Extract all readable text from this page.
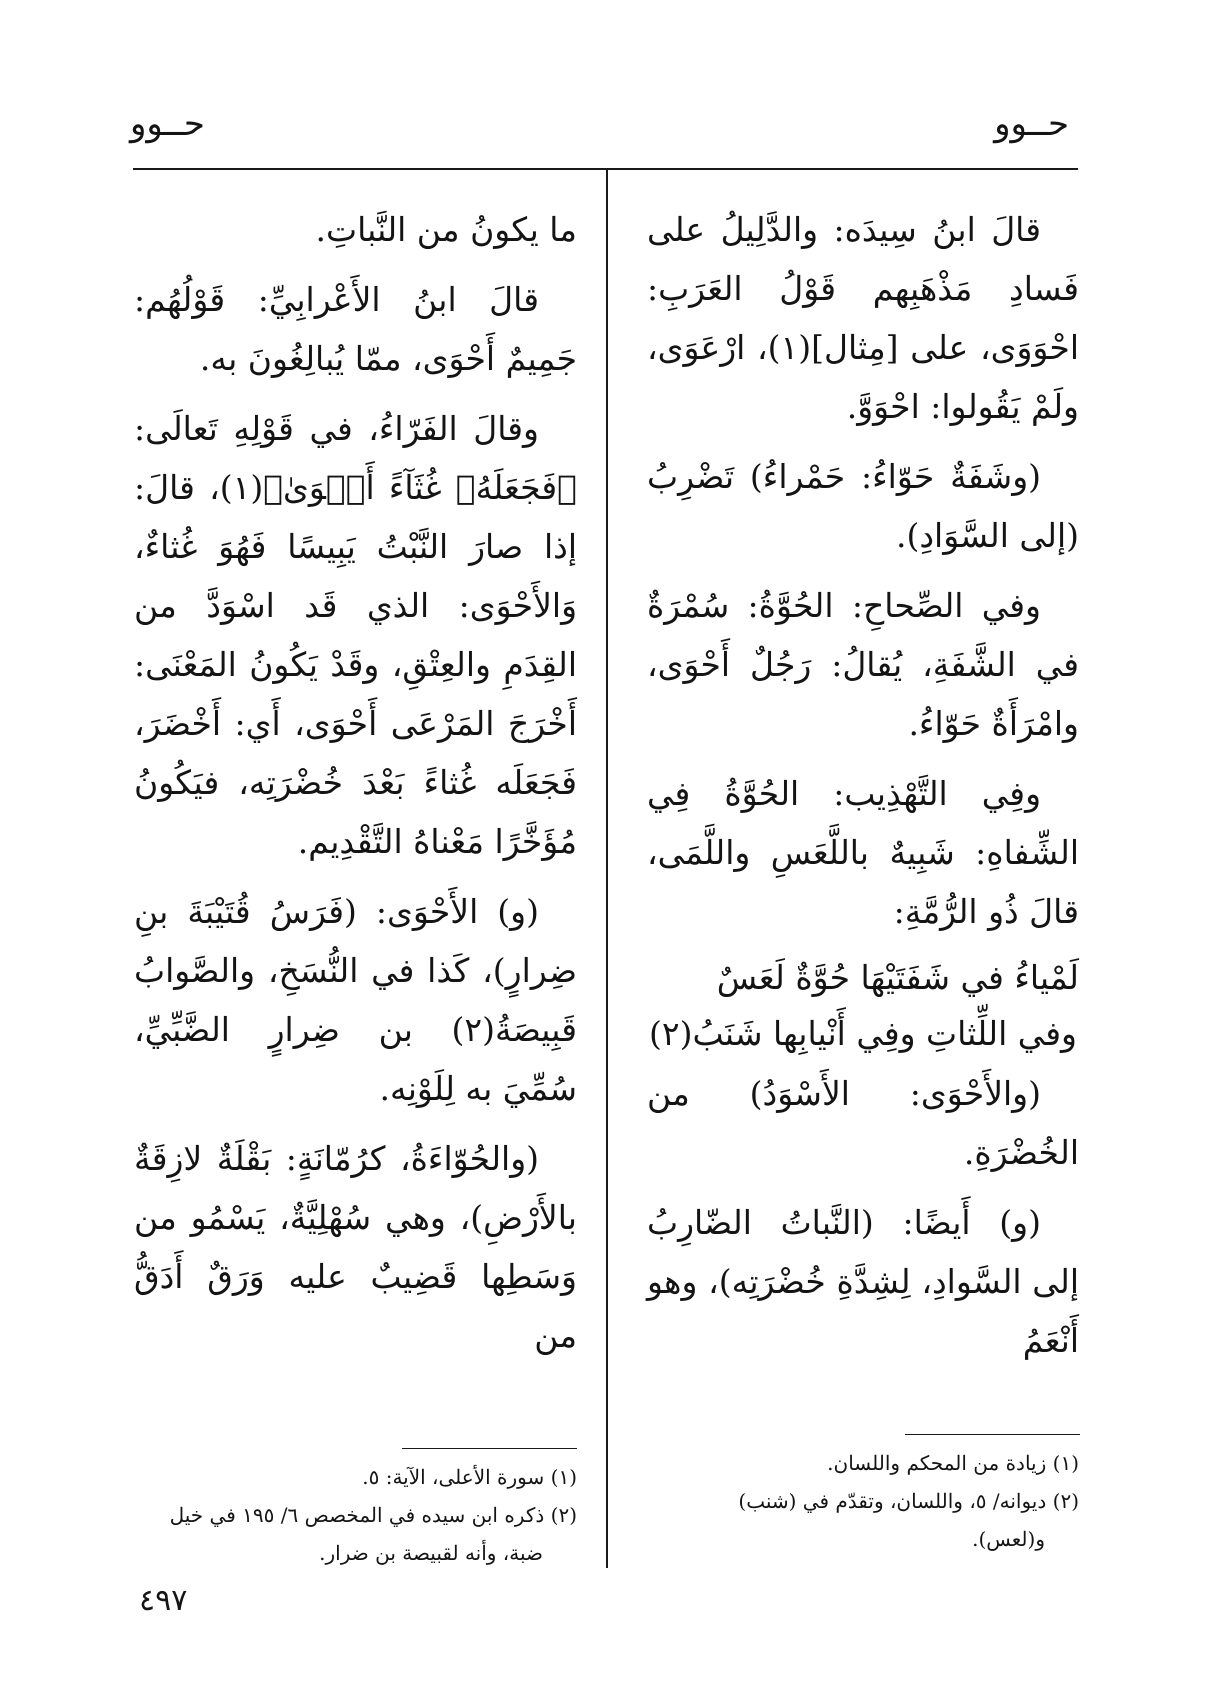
حــوو
حــوو

قالَ ابنُ سِيدَه: والدَّلِيلُ على فَسادِ مَذْهَبِهم قَوْلُ العَرَبِ: احْوَوَى، على [مِثال](١)، ارْعَوَى، ولَمْ يَقُولوا: احْوَوَّ.

(وشَفَةٌ حَوّاءُ: حَمْراءُ) تَضْرِبُ (إلى السَّوَادِ).

وفي الصِّحاحِ: الحُوَّةُ: سُمْرَةٌ في الشَّفَةِ، يُقالُ: رَجُلٌ أَحْوَى، وامْرَأَةٌ حَوّاءُ.

وفِي التَّهْذِيب: الحُوَّةُ فِي الشِّفاهِ: شَبِيهٌ باللَّعَسِ واللَّمَى، قالَ ذُو الرُّمَّةِ:

لَمْياءُ في شَفَتَيْهَا حُوَّةٌ لَعَسٌ
وفي اللِّثاتِ وفِي أَنْيابِها شَنَبُ(٢)

(والأَحْوَى: الأَسْوَدُ) من الخُضْرَةِ.

(و) أَيضًا: (النَّباتُ الضّارِبُ إلى السَّوادِ، لِشِدَّةِ خُضْرَتِه)، وهو أَنْعَمُ

(١) زيادة من المحكم واللسان.
(٢) ديوانه/ ٥، واللسان، وتقدّم في (شنب)
و(لعس).

ما يكونُ من النَّباتِ.

قالَ ابنُ الأَعْرابِيِّ: قَوْلُهُم: جَمِيمٌ أَحْوَى، ممّا يُبالِغُونَ به.

وقالَ الفَرّاءُ، في قَوْلِهِ تَعالَى: ﴿فَجَعَلَهُۥ غُثَآءً أَحۡوَىٰ﴾(١)، قالَ: إذا صارَ النَّبْتُ يَبِيسًا فَهُوَ غُثاءٌ، وَالأَحْوَى: الذي قَد اسْوَدَّ من القِدَمِ والعِتْقِ، وقَدْ يَكُونُ المَعْنَى: أَخْرَجَ المَرْعَى أَحْوَى، أَي: أَخْضَرَ، فَجَعَلَه غُثاءً بَعْدَ خُضْرَتِه، فيَكُونُ مُؤَخَّرًا مَعْناهُ التَّقْدِيم.

(و) الأَحْوَى: (فَرَسُ قُتَيْبَةَ بنِ ضِرارٍ)، كَذا في النُّسَخِ، والصَّوابُ قَبِيصَةُ(٢) بن ضِرارٍ الضَّبِّيِّ، سُمِّيَ به لِلَوْنِه.

(والحُوّاءَةُ، كرُمّانَةٍ: بَقْلَةٌ لازِقَةٌ بالأَرْضِ)، وهي سُهْلِيَّةٌ، يَسْمُو من وَسَطِها قَضِيبٌ عليه وَرَقٌ أَدَقُّ من

(١) سورة الأعلى، الآية: ٥.
(٢) ذكره ابن سيده في المخصص ٦/ ١٩٥ في خيل
ضبة، وأنه لقبيصة بن ضرار.
٤٩٧
